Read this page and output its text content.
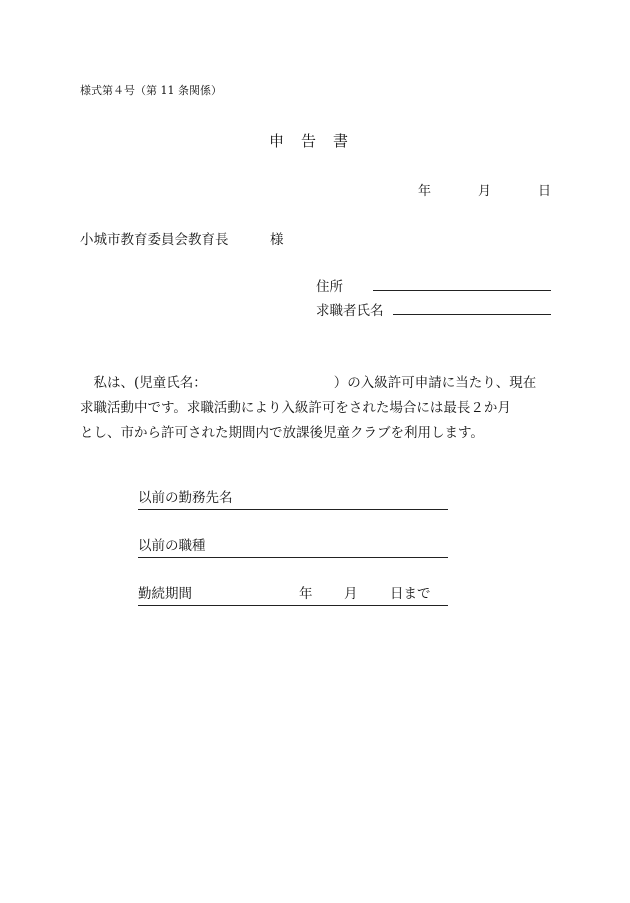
様式第４号（第 11 条関係）
申告書
年	月	日
小城市教育委員会教育長	様
住所
求職者氏名
　私は、(児童氏名：	）の入級許可申請に当たり、現在
求職活動中です。求職活動により入級許可をされた場合には最長２か月
とし、市から許可された期間内で放課後児童クラブを利用します。
以前の勤務先名
以前の職種
勤続期間	年 月 日まで
